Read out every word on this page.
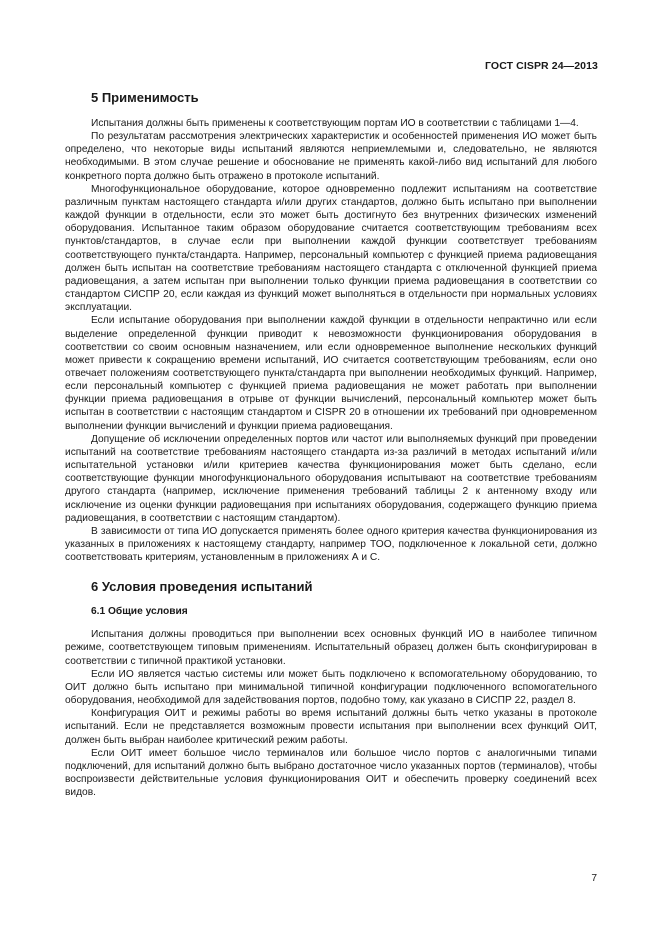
ГОСТ CISPR 24—2013
5 Применимость

Испытания должны быть применены к соответствующим портам ИО в соответствии с таблицами 1—4.

По результатам рассмотрения электрических характеристик и особенностей применения ИО может быть определено, что некоторые виды испытаний являются неприемлемыми и, следовательно, не являются необходимыми. В этом случае решение и обоснование не применять какой-либо вид испытаний для любого конкретного порта должно быть отражено в протоколе испытаний.

Многофункциональное оборудование, которое одновременно подлежит испытаниям на соответствие различным пунктам настоящего стандарта и/или других стандартов, должно быть испытано при выполнении каждой функции в отдельности, если это может быть достигнуто без внутренних физических изменений оборудования. Испытанное таким образом оборудование считается соответствующим требованиям всех пунктов/стандартов, в случае если при выполнении каждой функции соответствует требованиям соответствующего пункта/стандарта. Например, персональный компьютер с функцией приема радиовещания должен быть испытан на соответствие требованиям настоящего стандарта с отключенной функцией приема радиовещания, а затем испытан при выполнении только функции приема радиовещания в соответствии со стандартом СИСПР 20, если каждая из функций может выполняться в отдельности при нормальных условиях эксплуатации.

Если испытание оборудования при выполнении каждой функции в отдельности непрактично или если выделение определенной функции приводит к невозможности функционирования оборудования в соответствии со своим основным назначением, или если одновременное выполнение нескольких функций может привести к сокращению времени испытаний, ИО считается соответствующим требованиям, если оно отвечает положениям соответствующего пункта/стандарта при выполнении необходимых функций. Например, если персональный компьютер с функцией приема радиовещания не может работать при выполнении функции приема радиовещания в отрыве от функции вычислений, персональный компьютер может быть испытан в соответствии с настоящим стандартом и CISPR 20 в отношении их требований при одновременном выполнении функции вычислений и функции приема радиовещания.

Допущение об исключении определенных портов или частот или выполняемых функций при проведении испытаний на соответствие требованиям настоящего стандарта из-за различий в методах испытаний и/или испытательной установки и/или критериев качества функционирования может быть сделано, если соответствующие функции многофункционального оборудования испытывают на соответствие требованиям другого стандарта (например, исключение применения требований таблицы 2 к антенному входу или исключение из оценки функции радиовещания при испытаниях оборудования, содержащего функцию приема радиовещания, в соответствии с настоящим стандартом).

В зависимости от типа ИО допускается применять более одного критерия качества функционирования из указанных в приложениях к настоящему стандарту, например ТОО, подключенное к локальной сети, должно соответствовать критериям, установленным в приложениях А и С.

6 Условия проведения испытаний
6.1 Общие условия

Испытания должны проводиться при выполнении всех основных функций ИО в наиболее типичном режиме, соответствующем типовым применениям. Испытательный образец должен быть сконфигурирован в соответствии с типичной практикой установки.

Если ИО является частью системы или может быть подключено к вспомогательному оборудованию, то ОИТ должно быть испытано при минимальной типичной конфигурации подключенного вспомогательного оборудования, необходимой для задействования портов, подобно тому, как указано в СИСПР 22, раздел 8.

Конфигурация ОИТ и режимы работы во время испытаний должны быть четко указаны в протоколе испытаний. Если не представляется возможным провести испытания при выполнении всех функций ОИТ, должен быть выбран наиболее критический режим работы.

Если ОИТ имеет большое число терминалов или большое число портов с аналогичными типами подключений, для испытаний должно быть выбрано достаточное число указанных портов (терминалов), чтобы воспроизвести действительные условия функционирования ОИТ и обеспечить проверку соединений всех видов.

7
